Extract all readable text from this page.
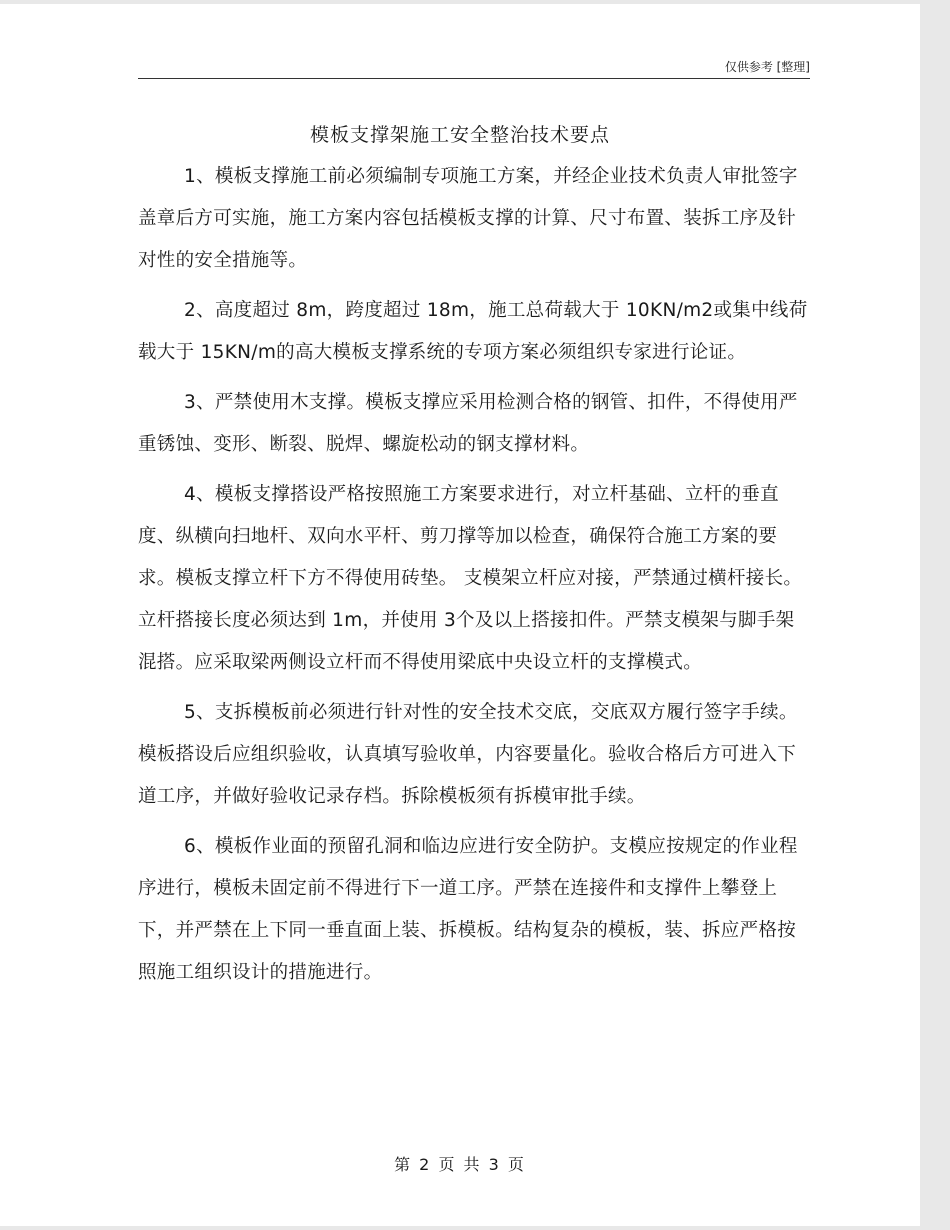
仅供参考 [整理]
模板支撑架施工安全整治技术要点

1、模板支撑施工前必须编制专项施工方案，并经企业技术负责人审批签字盖章后方可实施，施工方案内容包括模板支撑的计算、尺寸布置、装拆工序及针对性的安全措施等。

2、高度超过 8m，跨度超过 18m，施工总荷载大于 10KN/m2或集中线荷载大于 15KN/m的高大模板支撑系统的专项方案必须组织专家进行论证。

3、严禁使用木支撑。模板支撑应采用检测合格的钢管、扣件，不得使用严重锈蚀、变形、断裂、脱焊、螺旋松动的钢支撑材料。

4、模板支撑搭设严格按照施工方案要求进行，对立杆基础、立杆的垂直度、纵横向扫地杆、双向水平杆、剪刀撑等加以检查，确保符合施工方案的要求。模板支撑立杆下方不得使用砖垫。 支模架立杆应对接，严禁通过横杆接长。 立杆搭接长度必须达到 1m，并使用 3个及以上搭接扣件。严禁支模架与脚手架混搭。应采取梁两侧设立杆而不得使用梁底中央设立杆的支撑模式。

5、支拆模板前必须进行针对性的安全技术交底，交底双方履行签字手续。模板搭设后应组织验收，认真填写验收单，内容要量化。验收合格后方可进入下道工序，并做好验收记录存档。拆除模板须有拆模审批手续。

6、模板作业面的预留孔洞和临边应进行安全防护。支模应按规定的作业程序进行，模板未固定前不得进行下一道工序。严禁在连接件和支撑件上攀登上下，并严禁在上下同一垂直面上装、拆模板。结构复杂的模板，装、拆应严格按照施工组织设计的措施进行。

第 2 页 共 3 页
